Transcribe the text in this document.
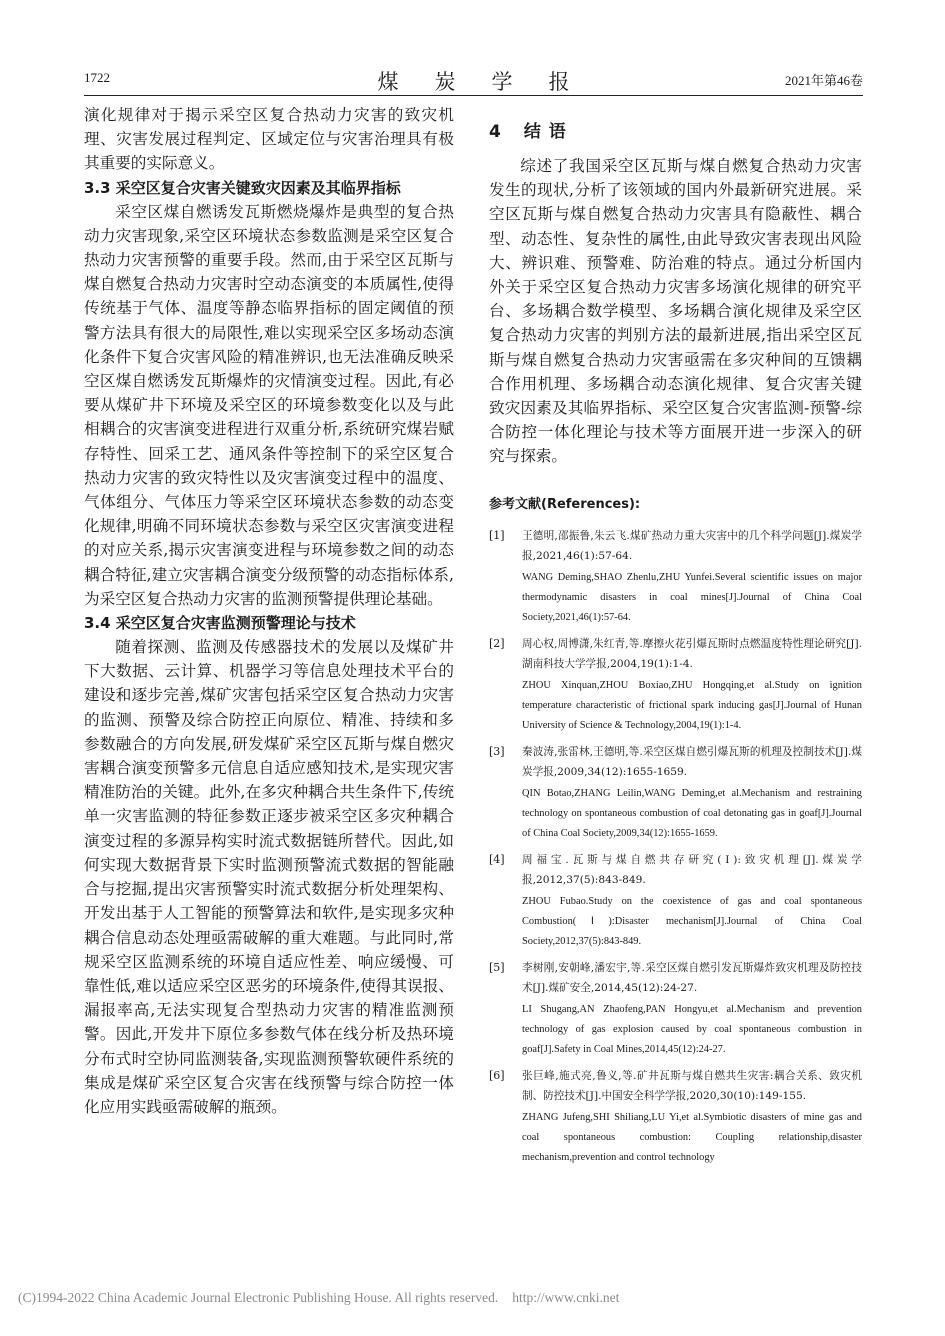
1722	煤炭学报	2021年第46卷

演化规律对于揭示采空区复合热动力灾害的致灾机理、灾害发展过程判定、区域定位与灾害治理具有极其重要的实际意义。

3.3 采空区复合灾害关键致灾因素及其临界指标

采空区煤自燃诱发瓦斯燃烧爆炸是典型的复合热动力灾害现象,采空区环境状态参数监测是采空区复合热动力灾害预警的重要手段。然而,由于采空区瓦斯与煤自燃复合热动力灾害时空动态演变的本质属性,使得传统基于气体、温度等静态临界指标的固定阈值的预警方法具有很大的局限性,难以实现采空区多场动态演化条件下复合灾害风险的精准辨识,也无法准确反映采空区煤自燃诱发瓦斯爆炸的灾情演变过程。因此,有必要从煤矿井下环境及采空区的环境参数变化以及与此相耦合的灾害演变进程进行双重分析,系统研究煤岩赋存特性、回采工艺、通风条件等控制下的采空区复合热动力灾害的致灾特性以及灾害演变过程中的温度、气体组分、气体压力等采空区环境状态参数的动态变化规律,明确不同环境状态参数与采空区灾害演变进程的对应关系,揭示灾害演变进程与环境参数之间的动态耦合特征,建立灾害耦合演变分级预警的动态指标体系,为采空区复合热动力灾害的监测预警提供理论基础。

3.4 采空区复合灾害监测预警理论与技术

随着探测、监测及传感器技术的发展以及煤矿井下大数据、云计算、机器学习等信息处理技术平台的建设和逐步完善,煤矿灾害包括采空区复合热动力灾害的监测、预警及综合防控正向原位、精准、持续和多参数融合的方向发展,研发煤矿采空区瓦斯与煤自燃灾害耦合演变预警多元信息自适应感知技术,是实现灾害精准防治的关键。此外,在多灾种耦合共生条件下,传统单一灾害监测的特征参数正逐步被采空区多灾种耦合演变过程的多源异构实时流式数据链所替代。因此,如何实现大数据背景下实时监测预警流式数据的智能融合与挖掘,提出灾害预警实时流式数据分析处理架构、开发出基于人工智能的预警算法和软件,是实现多灾种耦合信息动态处理亟需破解的重大难题。与此同时,常规采空区监测系统的环境自适应性差、响应缓慢、可靠性低,难以适应采空区恶劣的环境条件,使得其误报、漏报率高,无法实现复合型热动力灾害的精准监测预警。因此,开发井下原位多参数气体在线分析及热环境分布式时空协同监测装备,实现监测预警软硬件系统的集成是煤矿采空区复合灾害在线预警与综合防控一体化应用实践亟需破解的瓶颈。

4 结 语

综述了我国采空区瓦斯与煤自燃复合热动力灾害发生的现状,分析了该领域的国内外最新研究进展。采空区瓦斯与煤自燃复合热动力灾害具有隐蔽性、耦合型、动态性、复杂性的属性,由此导致灾害表现出风险大、辨识难、预警难、防治难的特点。通过分析国内外关于采空区复合热动力灾害多场演化规律的研究平台、多场耦合数学模型、多场耦合演化规律及采空区复合热动力灾害的判别方法的最新进展,指出采空区瓦斯与煤自燃复合热动力灾害亟需在多灾种间的互馈耦合作用机理、多场耦合动态演化规律、复合灾害关键致灾因素及其临界指标、采空区复合灾害监测-预警-综合防控一体化理论与技术等方面展开进一步深入的研究与探索。

参考文献(References):
[1] 王德明,邵振鲁,朱云飞.煤矿热动力重大灾害中的几个科学问题[J].煤炭学报,2021,46(1):57-64.
WANG Deming,SHAO Zhenlu,ZHU Yunfei.Several scientific issues on major thermodynamic disasters in coal mines[J].Journal of China Coal Society,2021,46(1):57-64.
[2] 周心权,周博潇,朱红青,等.摩擦火花引爆瓦斯时点燃温度特性理论研究[J].湖南科技大学学报,2004,19(1):1-4.
ZHOU Xinquan,ZHOU Boxiao,ZHU Hongqing,et al.Study on ignition temperature characteristic of frictional spark inducing gas[J].Journal of Hunan University of Science & Technology,2004,19(1):1-4.
[3] 秦波涛,张雷林,王德明,等.采空区煤自燃引爆瓦斯的机理及控制技术[J].煤炭学报,2009,34(12):1655-1659.
QIN Botao,ZHANG Leilin,WANG Deming,et al.Mechanism and restraining technology on spontaneous combustion of coal detonating gas in goaf[J].Journal of China Coal Society,2009,34(12):1655-1659.
[4] 周福宝.瓦斯与煤自燃共存研究(Ⅰ):致灾机理[J].煤炭学报,2012,37(5):843-849.
ZHOU Fubao.Study on the coexistence of gas and coal spontaneous Combustion(Ⅰ):Disaster mechanism[J].Journal of China Coal Society,2012,37(5):843-849.
[5] 李树刚,安朝峰,潘宏宇,等.采空区煤自燃引发瓦斯爆炸致灾机理及防控技术[J].煤矿安全,2014,45(12):24-27.
LI Shugang,AN Zhaofeng,PAN Hongyu,et al.Mechanism and prevention technology of gas explosion caused by coal spontaneous combustion in goaf[J].Safety in Coal Mines,2014,45(12):24-27.
[6] 张巨峰,施式亮,鲁义,等.矿井瓦斯与煤自燃共生灾害:耦合关系、致灾机制、防控技术[J].中国安全科学学报,2020,30(10):149-155.
ZHANG Jufeng,SHI Shiliang,LU Yi,et al.Symbiotic disasters of mine gas and coal spontaneous combustion: Coupling relationship,disaster mechanism,prevention and control technology
(C)1994-2022 China Academic Journal Electronic Publishing House. All rights reserved. http://www.cnki.net
